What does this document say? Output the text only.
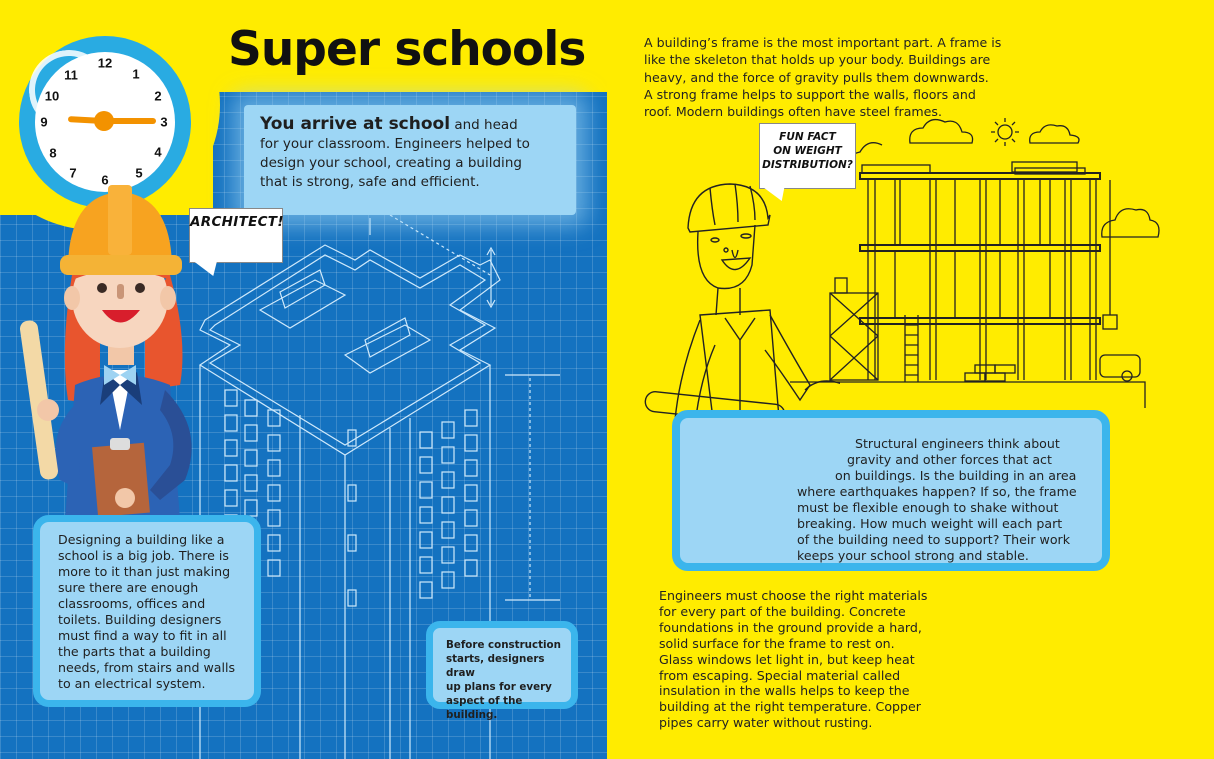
12
1
2
3
4
5
6
7
8
9
10
11	Super schools
You arrive at school and head
for your classroom. Engineers helped to
design your school, creating a building
that is strong, safe and efficient.
ARCHITECT!
Designing a building like a
school is a big job. There is
more to it than just making
sure there are enough
classrooms, offices and
toilets. Building designers
must find a way to fit in all
the parts that a building
needs, from stairs and walls
to an electrical system.
Before construction
starts, designers draw
up plans for every
aspect of the building.
A building’s frame is the most important part. A frame is
like the skeleton that holds up your body. Buildings are
heavy, and the force of gravity pulls them downwards.
A strong frame helps to support the walls, floors and
roof. Modern buildings often have steel frames.
FUN FACT
ON WEIGHT
DISTRIBUTION?
Structural engineers think about
gravity and other forces that act
on buildings. Is the building in an area
where earthquakes happen? If so, the frame
must be flexible enough to shake without
breaking. How much weight will each part
of the building need to support? Their work
keeps your school strong and stable.
Engineers must choose the right materials
for every part of the building. Concrete
foundations in the ground provide a hard,
solid surface for the frame to rest on.
Glass windows let light in, but keep heat
from escaping. Special material called
insulation in the walls helps to keep the
building at the right temperature. Copper
pipes carry water without rusting.
